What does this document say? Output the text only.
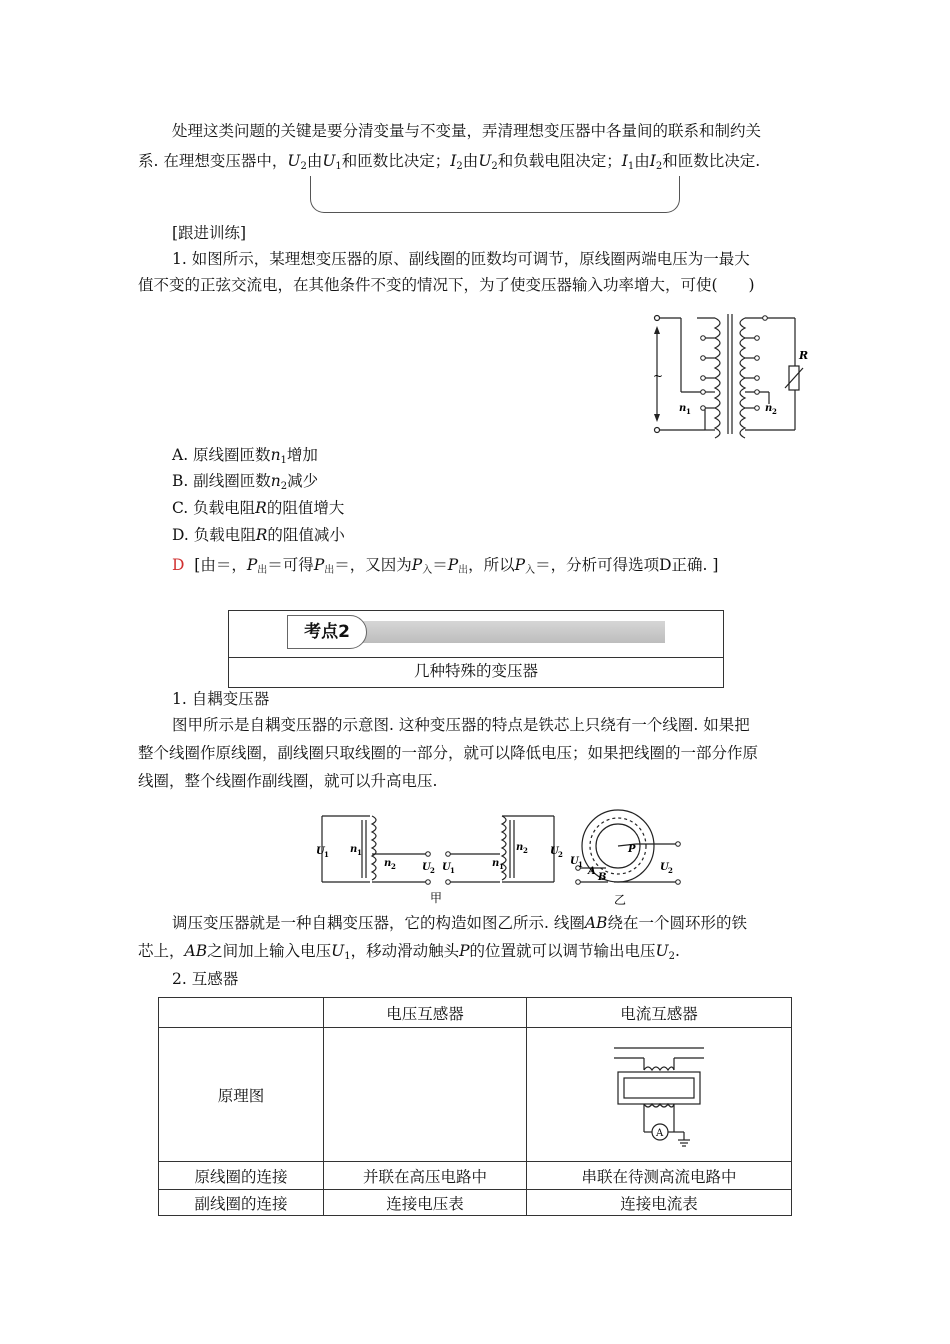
处理这类问题的关键是要分清变量与不变量，弄清理想变压器中各量间的联系和制约关
系. 在理想变压器中，$U_2$由$U_1$和匝数比决定；$I_2$由$U_2$和负载电阻决定；$I_1$由$I_2$和匝数比决定.
[跟进训练]
1. 如图所示，某理想变压器的原、副线圈的匝数均可调节，原线圈两端电压为一最大
值不变的正弦交流电，在其他条件不变的情况下，为了使变压器输入功率增大，可使(　　)
~
n 1	n 2
R
A. 原线圈匝数$n_1$增加
B. 副线圈匝数$n_2$减少
C. 负载电阻R的阻值增大
D. 负载电阻R的阻值减小
D [由＝，$P_出=$可得$P_出=$，又因为$P_入=P_出$，所以$P_入=$，分析可得选项D正确. ]
考点2
几种特殊的变压器
1. 自耦变压器
图甲所示是自耦变压器的示意图. 这种变压器的特点是铁芯上只绕有一个线圈. 如果把
整个线圈作原线圈，副线圈只取线圈的一部分，就可以降低电压；如果把线圈的一部分作原
线圈，整个线圈作副线圈，就可以升高电压.
U 1 n 1
n 2	U 2 U 1
n 1
n 2 U 2
U 1
A
B
P
U 2
甲	乙
调压变压器就是一种自耦变压器，它的构造如图乙所示. 线圈AB绕在一个圆环形的铁
芯上，AB之间加上输入电压$U_1$，移动滑动触头P的位置就可以调节输出电压$U_2$.
2. 互感器
	电压互感器	电流互感器
原理图		A

原线圈的连接	并联在高压电路中	串联在待测高流电路中
副线圈的连接	连接电压表	连接电流表
